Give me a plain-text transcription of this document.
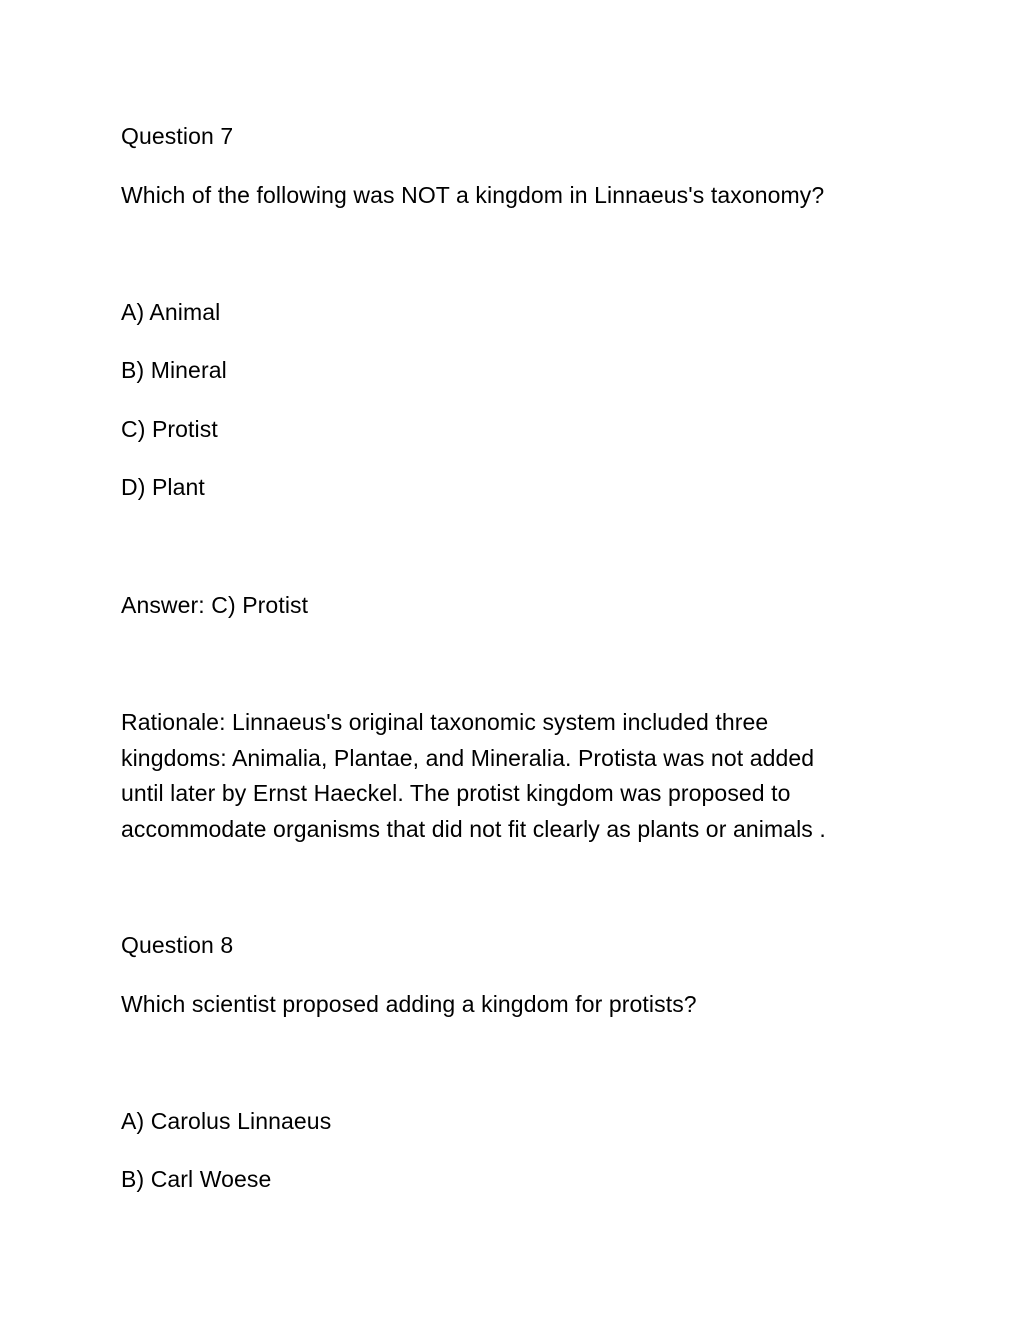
Question 7
Which of the following was NOT a kingdom in Linnaeus's taxonomy?
A) Animal
B) Mineral
C) Protist
D) Plant
Answer: C) Protist
Rationale: Linnaeus's original taxonomic system included three
kingdoms: Animalia, Plantae, and Mineralia. Protista was not added
until later by Ernst Haeckel. The protist kingdom was proposed to
accommodate organisms that did not fit clearly as plants or animals .
Question 8
Which scientist proposed adding a kingdom for protists?
A) Carolus Linnaeus
B) Carl Woese
